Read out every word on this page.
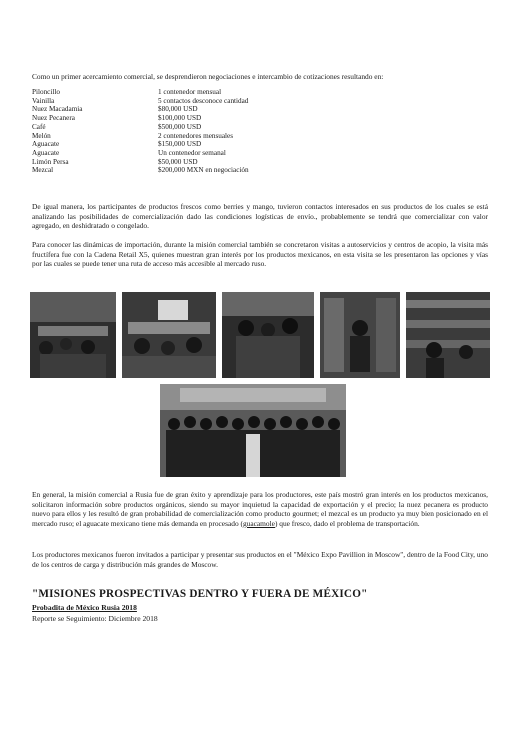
Como un primer acercamiento comercial, se desprendieron negociaciones e intercambio de cotizaciones resultando en:

Piloncillo	1 contenedor mensual
Vainilla	5 contactos desconoce cantidad
Nuez Macadamia	$80,000 USD
Nuez Pecanera	$100,000 USD
Café	$500,000 USD
Melón	2 contenedores mensuales
Aguacate	$150,000 USD
Aguacate	Un contenedor semanal
Limón Persa	$50,000 USD
Mezcal	$200,000 MXN en negociación

De igual manera, los participantes de productos frescos como berries y mango, tuvieron contactos interesados en sus productos de los cuales se está analizando las posibilidades de comercialización dado las condiciones logísticas de envío., probablemente se tendrá que comercializar con valor agregado, en deshidratado o congelado.

Para conocer las dinámicas de importación, durante la misión comercial también se concretaron visitas a autoservicios y centros de acopio, la visita más fructífera fue con la Cadena Retail X5, quienes muestran gran interés por los productos mexicanos, en esta visita se les presentaron las opciones y vías por las cuales se puede tener una ruta de acceso más accesible al mercado ruso.

En general, la misión comercial a Rusia fue de gran éxito y aprendizaje para los productores, este país mostró gran interés en los productos mexicanos, solicitaron información sobre productos orgánicos, siendo su mayor inquietud la capacidad de exportación y el precio; la nuez pecanera es producto nuevo para ellos y les resultó de gran probabilidad de comercialización como producto gourmet; el mezcal es un producto ya muy bien posicionado en el mercado ruso; el aguacate mexicano tiene más demanda en procesado (guacamole) que fresco, dado el problema de transportación.

Los productores mexicanos fueron invitados a participar y presentar sus productos en el "México Expo Pavillion in Moscow", dentro de la Food City, uno de los centros de carga y distribución más grandes de Moscow.

"MISIONES PROSPECTIVAS DENTRO Y FUERA DE MÉXICO"

Probadita de México Rusia 2018

Reporte se Seguimiento: Diciembre 2018
